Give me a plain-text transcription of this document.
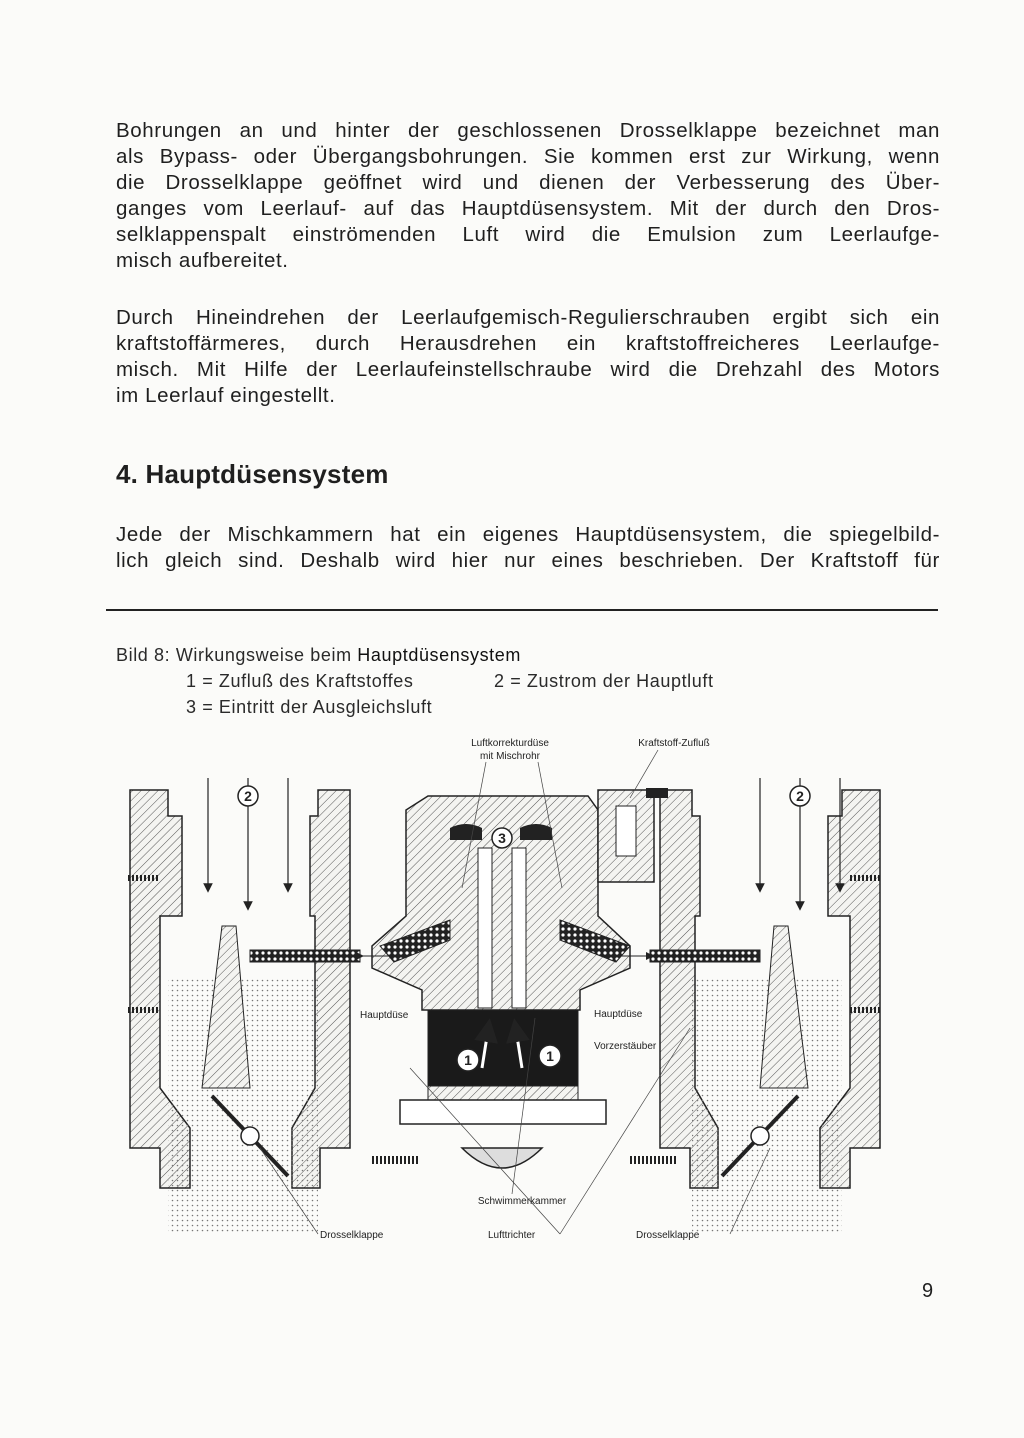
Bohrungen an und hinter der geschlossenen Drosselklappe bezeichnet man
als Bypass- oder Übergangsbohrungen. Sie kommen erst zur Wirkung, wenn
die Drosselklappe geöffnet wird und dienen der Verbesserung des Über-
ganges vom Leerlauf- auf das Hauptdüsensystem. Mit der durch den Dros-
selklappenspalt einströmenden Luft wird die Emulsion zum Leerlaufge-
misch aufbereitet.
Durch Hineindrehen der Leerlaufgemisch-Regulierschrauben ergibt sich ein
kraftstoffärmeres, durch Herausdrehen ein kraftstoffreicheres Leerlaufge-
misch. Mit Hilfe der Leerlaufeinstellschraube wird die Drehzahl des Motors
im Leerlauf eingestellt.
4. Hauptdüsensystem
Jede der Mischkammern hat ein eigenes Hauptdüsensystem, die spiegelbild-
lich gleich sind. Deshalb wird hier nur eines beschrieben. Der Kraftstoff für
Bild 8: Wirkungsweise beim Hauptdüsensystem
1 = Zufluß des Kraftstoffes	2 = Zustrom der Hauptluft
3 = Eintritt der Ausgleichsluft
2	2
3
1	1
Luftkorrekturdüse
mit Mischrohr
Kraftstoff-Zufluß
Hauptdüse	Hauptdüse
Vorzerstäuber
Schwimmerkammer
Drosselklappe	Lufttrichter	Drosselklappe
9
